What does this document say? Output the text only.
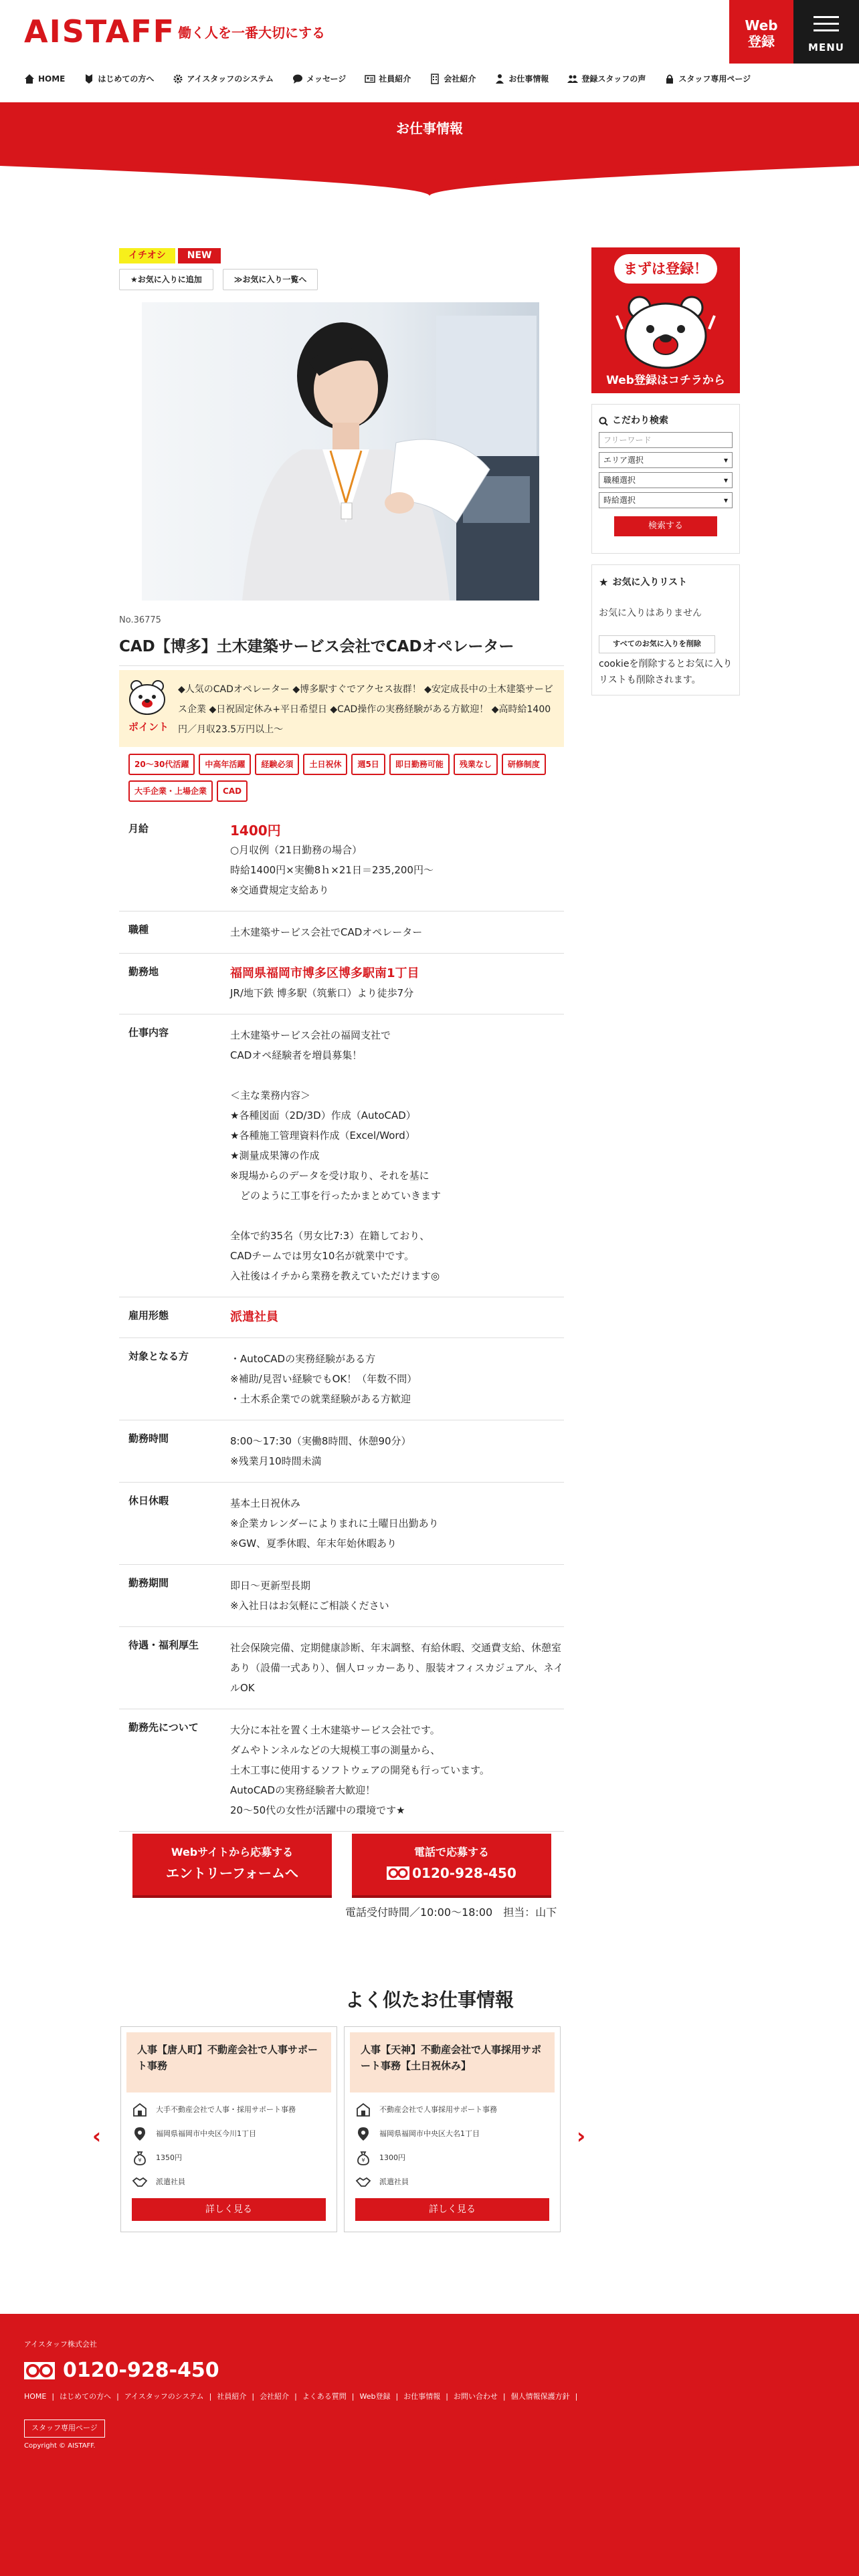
AISTAFF 働く人を一番大切にする	Web
登録	MENU
HOME	はじめての方へ	アイスタッフのシステム	メッセージ	社員紹介	会社紹介	お仕事情報	登録スタッフの声	スタッフ専用ページ
お仕事情報
イチオシ NEW
★お気に入りに追加	≫お気に入り一覧へ
No.36775
CAD【博多】土木建築サービス会社でCADオペレーター
ポイント
◆人気のCADオペレーター ◆博多駅すぐでアクセス抜群！ ◆安定成長中の土木建築サービス企業 ◆日祝固定休み+平日希望日 ◆CAD操作の実務経験がある方歓迎！ ◆高時給1400円／月収23.5万円以上〜
20～30代活躍	中高年活躍	経験必須	土日祝休	週5日	即日勤務可能	残業なし	研修制度
大手企業・上場企業	CAD
月給	1400円
○月収例（21日勤務の場合）
時給1400円×実働8ｈ×21日＝235,200円〜
※交通費規定支給あり
職種	土木建築サービス会社でCADオペレーター
勤務地	福岡県福岡市博多区博多駅南1丁目
JR/地下鉄 博多駅（筑紫口）より徒歩7分
仕事内容	土木建築サービス会社の福岡支社で
CADオペ経験者を増員募集！

＜主な業務内容＞
★各種図面（2D/3D）作成（AutoCAD）
★各種施工管理資料作成（Excel/Word）
★測量成果簿の作成
※現場からのデータを受け取り、それを基に
　どのように工事を行ったかまとめていきます

全体で約35名（男女比7:3）在籍しており、
CADチームでは男女10名が就業中です。
入社後はイチから業務を教えていただけます◎
雇用形態	派遣社員
対象となる方	・AutoCADの実務経験がある方
※補助/見習い経験でもOK！（年数不問）
・土木系企業での就業経験がある方歓迎
勤務時間	8:00〜17:30（実働8時間、休憩90分）
※残業月10時間未満
休日休暇	基本土日祝休み
※企業カレンダーによりまれに土曜日出勤あり
※GW、夏季休暇、年末年始休暇あり
勤務期間	即日〜更新型長期
※入社日はお気軽にご相談ください
待遇・福利厚生	社会保険完備、定期健康診断、年末調整、有給休暇、交通費支給、休憩室あり（設備一式あり）、個人ロッカーあり、服装オフィスカジュアル、ネイルOK
勤務先について	大分に本社を置く土木建築サービス会社です。
ダムやトンネルなどの大規模工事の測量から、
土木工事に使用するソフトウェアの開発も行っています。
AutoCADの実務経験者大歓迎！
20〜50代の女性が活躍中の環境です★
Webサイトから応募する
エントリーフォームへ
電話で応募する
0120-928-450
電話受付時間／10:00〜18:00　担当：山下
よく似たお仕事情報
‹	›
人事【唐人町】不動産会社で人事サポート事務
大手不動産会社で人事・採用サポート事務
福岡県福岡市中央区今川1丁目
¥ 1350円
派遣社員
詳しく見る
人事【天神】不動産会社で人事採用サポート事務【土日祝休み】
不動産会社で人事採用サポート事務
福岡県福岡市中央区大名1丁目
¥ 1300円
派遣社員
詳しく見る
まずは登録！
Web登録はコチラから
こだわり検索
フリーワード
エリア選択	▾
職種選択	▾
時給選択	▾
検索する
★ お気に入りリスト
お気に入りはありません
すべてのお気に入りを削除
cookieを削除するとお気に入りリストも削除されます。
アイスタッフ株式会社
0120-928-450
HOME | はじめての方へ | アイスタッフのシステム | 社員紹介 | 会社紹介 | よくある質問 | Web登録 | お仕事情報 | お問い合わせ | 個人情報保護方針 |
スタッフ専用ページ
Copyright © AISTAFF.
